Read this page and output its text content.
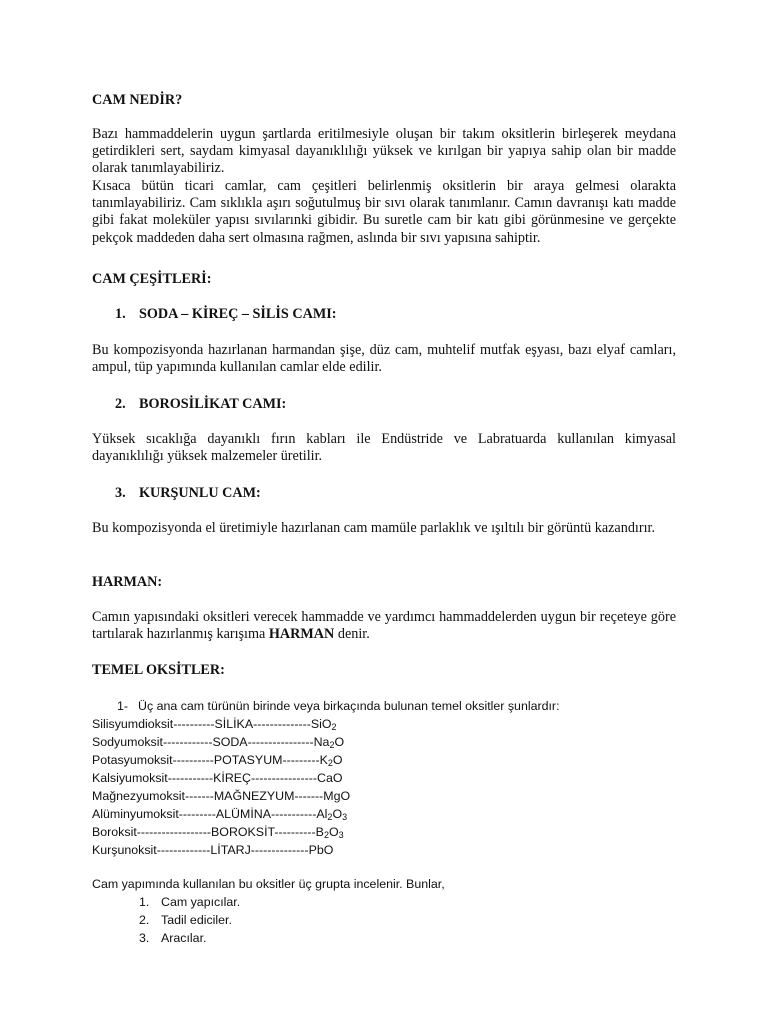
CAM NEDİR?

Bazı hammaddelerin uygun şartlarda eritilmesiyle oluşan bir takım oksitlerin birleşerek meydana getirdikleri sert, saydam kimyasal dayanıklılığı yüksek ve kırılgan bir yapıya sahip olan bir madde olarak tanımlayabiliriz.

Kısaca bütün ticari camlar, cam çeşitleri belirlenmiş oksitlerin bir araya gelmesi olarakta tanımlayabiliriz. Cam sıklıkla aşırı soğutulmuş bir sıvı olarak tanımlanır. Camın davranışı katı madde gibi fakat moleküler yapısı sıvılarınki gibidir. Bu suretle cam bir katı gibi görünmesine ve gerçekte pekçok maddeden daha sert olmasına rağmen, aslında bir sıvı yapısına sahiptir.

CAM ÇEŞİTLERİ:

1. SODA – KİREÇ – SİLİS CAMI:

Bu kompozisyonda hazırlanan harmandan şişe, düz cam, muhtelif mutfak eşyası, bazı elyaf camları, ampul, tüp yapımında kullanılan camlar elde edilir.

2. BOROSİLİKAT CAMI:

Yüksek sıcaklığa dayanıklı fırın kabları ile Endüstride ve Labratuarda kullanılan kimyasal dayanıklılığı yüksek malzemeler üretilir.

3. KURŞUNLU CAM:

Bu kompozisyonda el üretimiyle hazırlanan cam mamüle parlaklık ve ışıltılı bir görüntü kazandırır.

HARMAN:

Camın yapısındaki oksitleri verecek hammadde ve yardımcı hammaddelerden uygun bir reçeteye göre tartılarak hazırlanmış karışıma HARMAN denir.

TEMEL OKSİTLER:

1- Üç ana cam türünün birinde veya birkaçında bulunan temel oksitler şunlardır:
Silisyumdioksit----------SİLİKA--------------SiO$_2$
Sodyumoksit-$-----------SODA----------------Na_2O$
Potasyumoksit-$---------POTASYUM---------K_2O$
Kalsiyumoksit-----------KİREÇ----------------CaO
Mağnezyumoksit-------MAĞNEZYUM-------MgO
Alüminyumoksit-$--------ALÜMİNA-----------Al_2O_3$
Boroksit-$-----------------BOROKSİT----------B_2O_3$
Kurşunoksit-------------LİTARJ--------------PbO
Cam yapımında kullanılan bu oksitler üç grupta incelenir. Bunlar,
1. Cam yapıcılar.
2. Tadil ediciler.
3. Aracılar.
